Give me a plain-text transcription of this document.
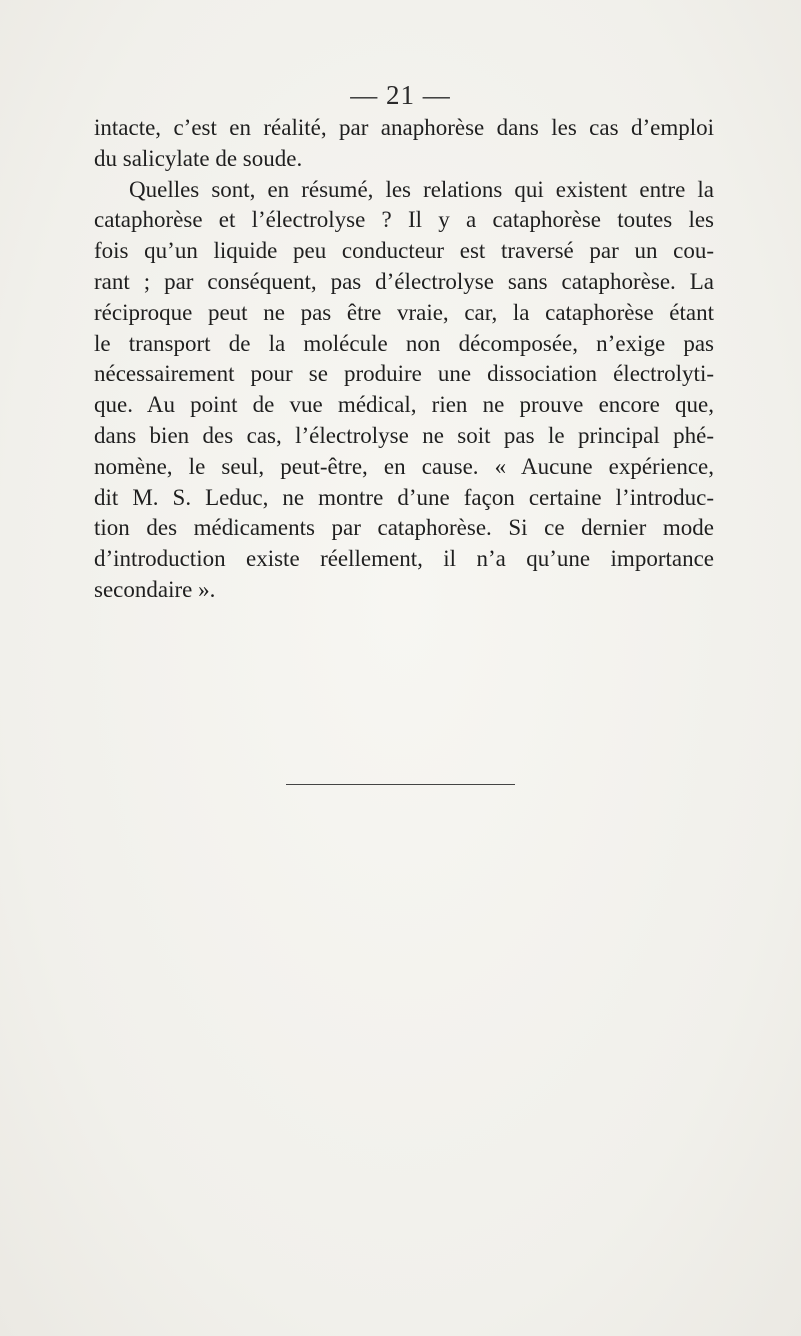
— 21 —
intacte, c’est en réalité, par anaphorèse dans les cas d’emploi
du salicylate de soude.
Quelles sont, en résumé, les relations qui existent entre la
cataphorèse et l’électrolyse ? Il y a cataphorèse toutes les
fois qu’un liquide peu conducteur est traversé par un cou-
rant ; par conséquent, pas d’électrolyse sans cataphorèse. La
réciproque peut ne pas être vraie, car, la cataphorèse étant
le transport de la molécule non décomposée, n’exige pas
nécessairement pour se produire une dissociation électrolyti-
que. Au point de vue médical, rien ne prouve encore que,
dans bien des cas, l’électrolyse ne soit pas le principal phé-
nomène, le seul, peut-être, en cause. « Aucune expérience,
dit M. S. Leduc, ne montre d’une façon certaine l’introduc-
tion des médicaments par cataphorèse. Si ce dernier mode
d’introduction existe réellement, il n’a qu’une importance
secondaire ».
